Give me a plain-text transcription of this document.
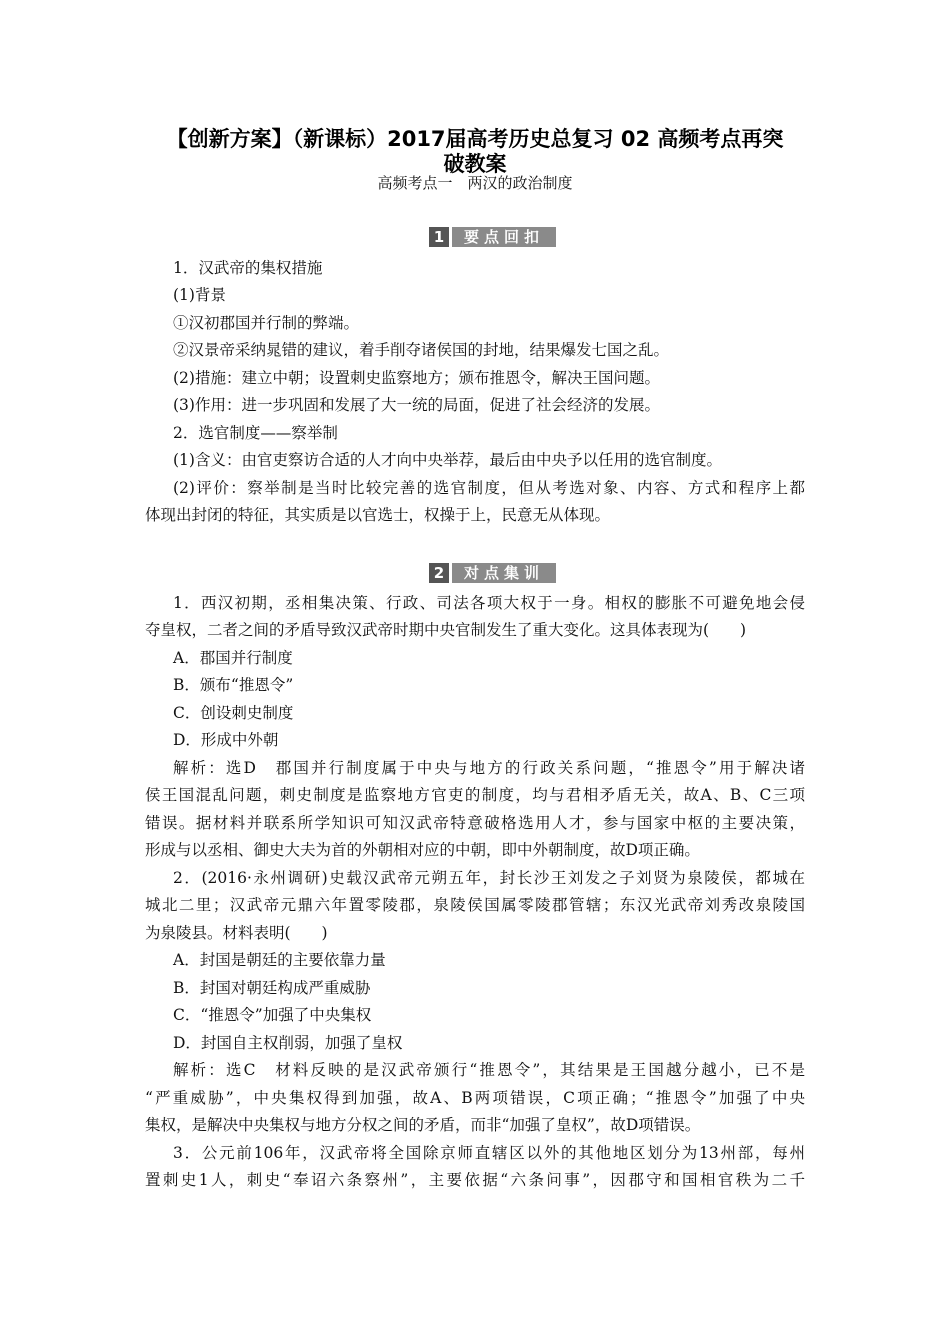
【创新方案】（新课标）2017届高考历史总复习 02 高频考点再突
破教案
高频考点一　两汉的政治制度
1	要点回扣
1．汉武帝的集权措施
(1)背景
①汉初郡国并行制的弊端。
②汉景帝采纳晁错的建议，着手削夺诸侯国的封地，结果爆发七国之乱。
(2)措施：建立中朝；设置刺史监察地方；颁布推恩令，解决王国问题。
(3)作用：进一步巩固和发展了大一统的局面，促进了社会经济的发展。
2．选官制度——察举制
(1)含义：由官吏察访合适的人才向中央举荐，最后由中央予以任用的选官制度。
(2)评价：察举制是当时比较完善的选官制度，但从考选对象、内容、方式和程序上都
体现出封闭的特征，其实质是以官选士，权操于上，民意无从体现。
2	对点集训
1．西汉初期，丞相集决策、行政、司法各项大权于一身。相权的膨胀不可避免地会侵
夺皇权，二者之间的矛盾导致汉武帝时期中央官制发生了重大变化。这具体表现为(　　)
A．郡国并行制度
B．颁布“推恩令”
C．创设刺史制度
D．形成中外朝
解析：选D　郡国并行制度属于中央与地方的行政关系问题，“推恩令”用于解决诸
侯王国混乱问题，刺史制度是监察地方官吏的制度，均与君相矛盾无关，故A、B、C三项
错误。据材料并联系所学知识可知汉武帝特意破格选用人才，参与国家中枢的主要决策，
形成与以丞相、御史大夫为首的外朝相对应的中朝，即中外朝制度，故D项正确。
2．(2016·永州调研)史载汉武帝元朔五年，封长沙王刘发之子刘贤为泉陵侯，都城在
城北二里；汉武帝元鼎六年置零陵郡，泉陵侯国属零陵郡管辖；东汉光武帝刘秀改泉陵国
为泉陵县。材料表明(　　)
A．封国是朝廷的主要依靠力量
B．封国对朝廷构成严重威胁
C．“推恩令”加强了中央集权
D．封国自主权削弱，加强了皇权
解析：选C　材料反映的是汉武帝颁行“推恩令”，其结果是王国越分越小，已不是
“严重威胁”，中央集权得到加强，故A、B两项错误，C项正确；“推恩令”加强了中央
集权，是解决中央集权与地方分权之间的矛盾，而非“加强了皇权”，故D项错误。
3．公元前106年，汉武帝将全国除京师直辖区以外的其他地区划分为13州部，每州
置刺史1人，刺史“奉诏六条察州”，主要依据“六条问事”，因郡守和国相官秩为二千
